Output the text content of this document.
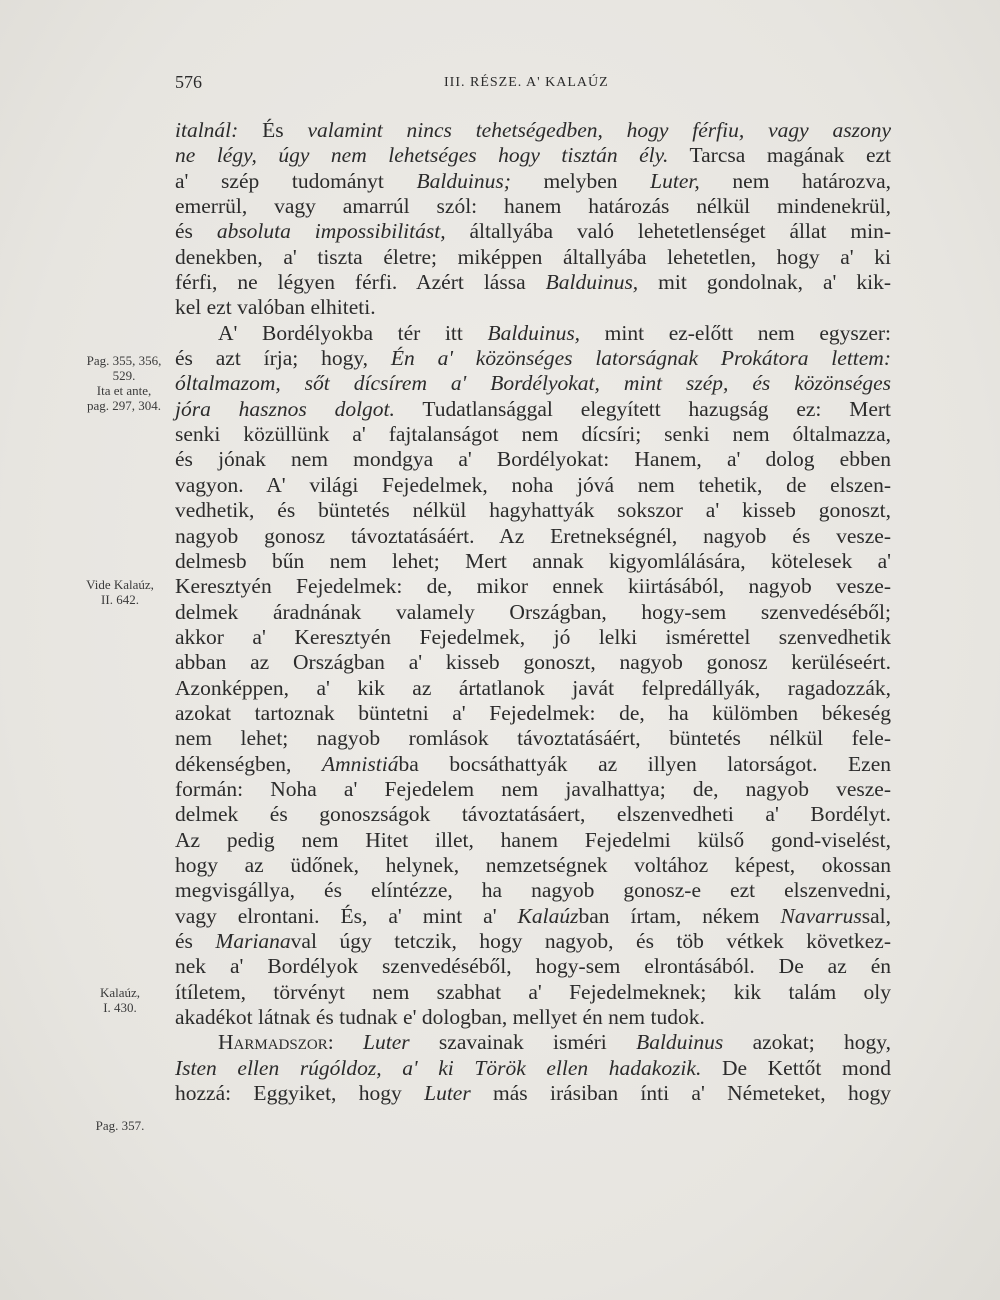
576	III. RÉSZE. A' KALAÚZ
Pag. 355, 356,
529.
Ita et ante,
pag. 297, 304.
Vide Kalaúz,
II. 642.
Kalaúz,
I. 430.
Pag. 357.
italnál: És valamint nincs tehetségedben, hogy férfiu, vagy aszony
ne légy, úgy nem lehetséges hogy tisztán ély. Tarcsa magának ezt
a' szép tudományt Balduinus; melyben Luter, nem határozva,
emerrül, vagy amarrúl szól: hanem határozás nélkül mindenekrül,
és absoluta impossibilitást, általlyába való lehetetlenséget állat min-
denekben, a' tiszta életre; miképpen általlyába lehetetlen, hogy a' ki
férfi, ne légyen férfi. Azért lássa Balduinus, mit gondolnak, a' kik-
kel ezt valóban elhiteti.
  A' Bordélyokba tér itt Balduinus, mint ez-előtt nem egyszer:
és azt írja; hogy, Én a' közönséges latorságnak Prokátora lettem:
óltalmazom, sőt dícsírem a' Bordélyokat, mint szép, és közönséges
jóra hasznos dolgot. Tudatlansággal elegyített hazugság ez: Mert
senki közüllünk a' fajtalanságot nem dícsíri; senki nem óltalmazza,
és jónak nem mondgya a' Bordélyokat: Hanem, a' dolog ebben
vagyon. A' világi Fejedelmek, noha jóvá nem tehetik, de elszen-
vedhetik, és büntetés nélkül hagyhattyák sokszor a' kisseb gonoszt,
nagyob gonosz távoztatásáért. Az Eretnekségnél, nagyob és vesze-
delmesb bűn nem lehet; Mert annak kigyomlálására, kötelesek a'
Keresztyén Fejedelmek: de, mikor ennek kiirtásából, nagyob vesze-
delmek áradnának valamely Országban, hogy-sem szenvedéséből;
akkor a' Keresztyén Fejedelmek, jó lelki ismérettel szenvedhetik
abban az Országban a' kisseb gonoszt, nagyob gonosz kerüléseért.
Azonképpen, a' kik az ártatlanok javát felpredállyák, ragadozzák,
azokat tartoznak büntetni a' Fejedelmek: de, ha külömben békeség
nem lehet; nagyob romlások távoztatásáért, büntetés nélkül fele-
dékenségben, Amnistiába bocsáthattyák az illyen latorságot. Ezen
formán: Noha a' Fejedelem nem javalhattya; de, nagyob vesze-
delmek és gonoszságok távoztatásáert, elszenvedheti a' Bordélyt.
Az pedig nem Hitet illet, hanem Fejedelmi külső gond-viselést,
hogy az üdőnek, helynek, nemzetségnek voltához képest, okossan
megvisgállya, és elíntézze, ha nagyob gonosz-e ezt elszenvedni,
vagy elrontani. És, a' mint a' Kalaúzban írtam, nékem Navarrussal,
és Marianaval úgy tetczik, hogy nagyob, és töb vétkek következ-
nek a' Bordélyok szenvedéséből, hogy-sem elrontásából. De az én
ítíletem, törvényt nem szabhat a' Fejedelmeknek; kik talám oly
akadékot látnak és tudnak e' dologban, mellyet én nem tudok.
  Harmadszor: Luter szavainak isméri Balduinus azokat; hogy,
Isten ellen rúgóldoz, a' ki Török ellen hadakozik. De Kettőt mond
hozzá: Eggyiket, hogy Luter más irásiban ínti a' Németeket, hogy
